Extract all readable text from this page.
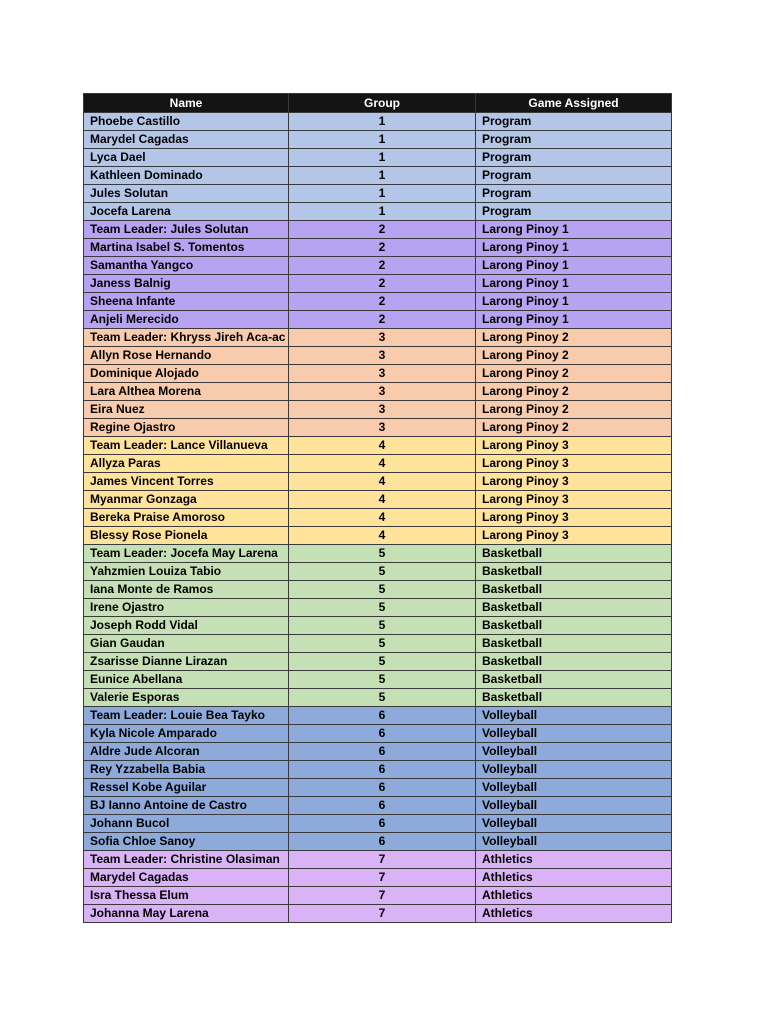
Name	Group	Game Assigned
Phoebe Castillo	1	Program
Marydel Cagadas	1	Program
Lyca Dael	1	Program
Kathleen Dominado	1	Program
Jules Solutan	1	Program
Jocefa Larena	1	Program
Team Leader: Jules Solutan	2	Larong Pinoy 1
Martina Isabel S. Tomentos	2	Larong Pinoy 1
Samantha Yangco	2	Larong Pinoy 1
Janess Balnig	2	Larong Pinoy 1
Sheena Infante	2	Larong Pinoy 1
Anjeli Merecido	2	Larong Pinoy 1
Team Leader: Khryss Jireh Aca-ac	3	Larong Pinoy 2
Allyn Rose Hernando	3	Larong Pinoy 2
Dominique Alojado	3	Larong Pinoy 2
Lara Althea Morena	3	Larong Pinoy 2
Eira Nuez	3	Larong Pinoy 2
Regine Ojastro	3	Larong Pinoy 2
Team Leader: Lance Villanueva	4	Larong Pinoy 3
Allyza Paras	4	Larong Pinoy 3
James Vincent Torres	4	Larong Pinoy 3
Myanmar Gonzaga	4	Larong Pinoy 3
Bereka Praise Amoroso	4	Larong Pinoy 3
Blessy Rose Pionela	4	Larong Pinoy 3
Team Leader: Jocefa May Larena	5	Basketball
Yahzmien Louiza Tabio	5	Basketball
Iana Monte de Ramos	5	Basketball
Irene Ojastro	5	Basketball
Joseph Rodd Vidal	5	Basketball
Gian Gaudan	5	Basketball
Zsarisse Dianne Lirazan	5	Basketball
Eunice Abellana	5	Basketball
Valerie Esporas	5	Basketball
Team Leader: Louie Bea Tayko	6	Volleyball
Kyla Nicole Amparado	6	Volleyball
Aldre Jude Alcoran	6	Volleyball
Rey Yzzabella Babia	6	Volleyball
Ressel Kobe Aguilar	6	Volleyball
BJ Ianno Antoine de Castro	6	Volleyball
Johann Bucol	6	Volleyball
Sofia Chloe Sanoy	6	Volleyball
Team Leader: Christine Olasiman	7	Athletics
Marydel Cagadas	7	Athletics
Isra Thessa Elum	7	Athletics
Johanna May Larena	7	Athletics
